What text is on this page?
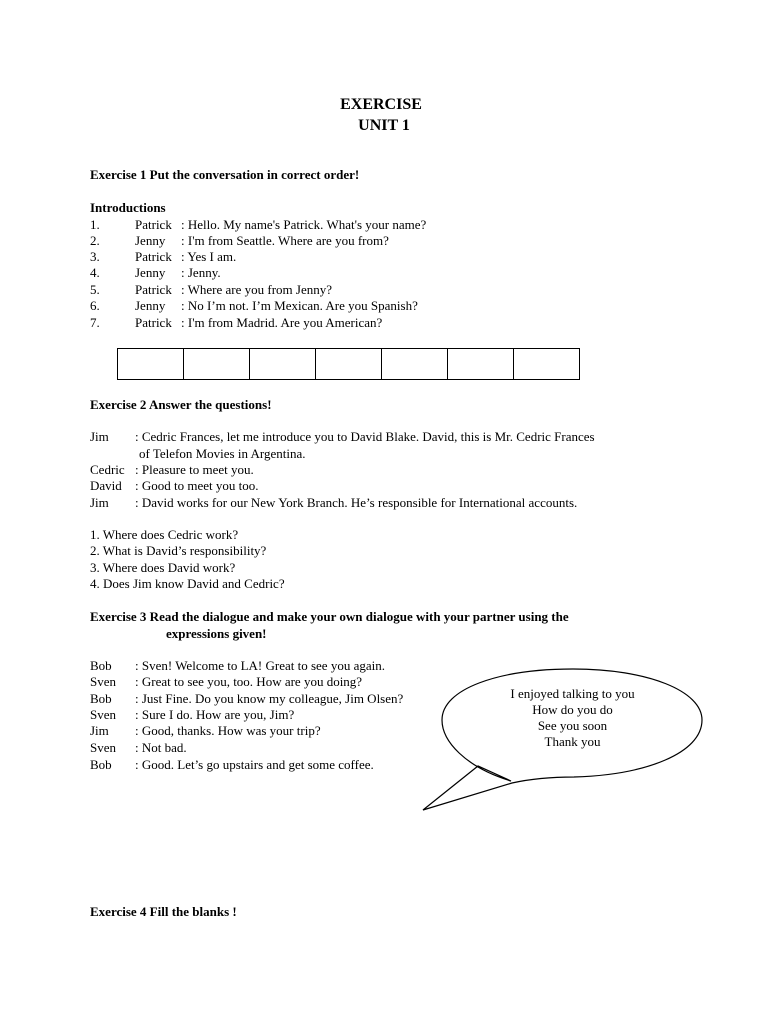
EXERCISE
UNIT 1
Exercise 1 Put the conversation in correct order!
Introductions
1.	Patrick : Hello. My name's Patrick. What's your name?
2.	Jenny : I'm from Seattle. Where are you from?
3.	Patrick : Yes I am.
4.	Jenny : Jenny.
5.	Patrick : Where are you from Jenny?
6.	Jenny : No I’m not. I’m Mexican. Are you Spanish?
7.	Patrick : I'm from Madrid. Are you American?
Exercise 2 Answer the questions!
Jim : Cedric Frances, let me introduce you to David Blake. David, this is Mr. Cedric Frances
of Telefon Movies in Argentina.
Cedric : Pleasure to meet you.
David : Good to meet you too.
Jim : David works for our New York Branch. He’s responsible for International accounts.
1. Where does Cedric work?
2. What is David’s responsibility?
3. Where does David work?
4. Does Jim know David and Cedric?
Exercise 3 Read the dialogue and make your own dialogue with your partner using the
expressions given!
Bob : Sven! Welcome to LA! Great to see you again.
Sven : Great to see you, too. How are you doing?
Bob : Just Fine. Do you know my colleague, Jim Olsen?
Sven : Sure I do. How are you, Jim?
Jim : Good, thanks. How was your trip?
Sven : Not bad.
Bob : Good. Let’s go upstairs and get some coffee.
I enjoyed talking to you
How do you do
See you soon
Thank you
Exercise 4 Fill the blanks !
